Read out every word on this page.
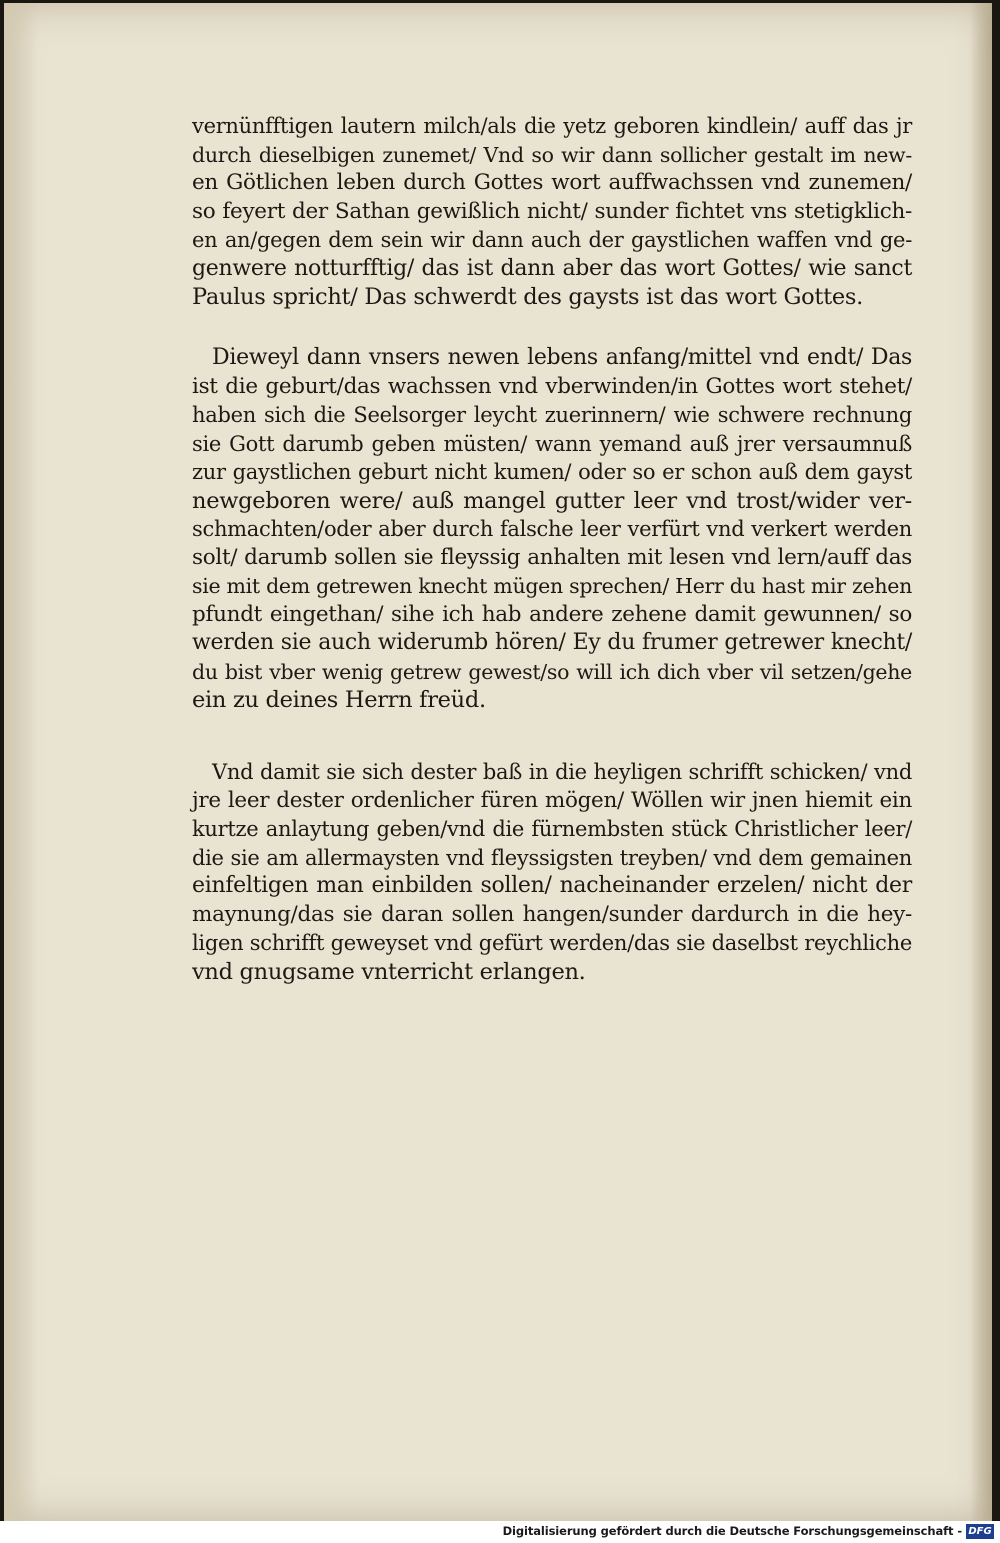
vernünfftigen lautern milch/als die yetz geboren kindlein/ auff das jr
durch dieselbigen zunemet/ Vnd so wir dann sollicher gestalt im new-
en Götlichen leben durch Gottes wort auffwachssen vnd zunemen/
so feyert der Sathan gewißlich nicht/ sunder fichtet vns stetigklich-
en an/gegen dem sein wir dann auch der gaystlichen waffen vnd ge-
genwere notturfftig/ das ist dann aber das wort Gottes/ wie sanct
Paulus spricht/ Das schwerdt des gaysts ist das wort Gottes.
Dieweyl dann vnsers newen lebens anfang/mittel vnd endt/ Das
ist die geburt/das wachssen vnd vberwinden/in Gottes wort stehet/
haben sich die Seelsorger leycht zuerinnern/ wie schwere rechnung
sie Gott darumb geben müsten/ wann yemand auß jrer versaumnuß
zur gaystlichen geburt nicht kumen/ oder so er schon auß dem gayst
newgeboren were/ auß mangel gutter leer vnd trost/wider ver-
schmachten/oder aber durch falsche leer verfürt vnd verkert werden
solt/ darumb sollen sie fleyssig anhalten mit lesen vnd lern/auff das
sie mit dem getrewen knecht mügen sprechen/ Herr du hast mir zehen
pfundt eingethan/ sihe ich hab andere zehene damit gewunnen/ so
werden sie auch widerumb hören/ Ey du frumer getrewer knecht/
du bist vber wenig getrew gewest/so will ich dich vber vil setzen/gehe
ein zu deines Herrn freüd.
Vnd damit sie sich dester baß in die heyligen schrifft schicken/ vnd
jre leer dester ordenlicher füren mögen/ Wöllen wir jnen hiemit ein
kurtze anlaytung geben/vnd die fürnembsten stück Christlicher leer/
die sie am allermaysten vnd fleyssigsten treyben/ vnd dem gemainen
einfeltigen man einbilden sollen/ nacheinander erzelen/ nicht der
maynung/das sie daran sollen hangen/sunder dardurch in die hey-
ligen schrifft geweyset vnd gefürt werden/das sie daselbst reychliche
vnd gnugsame vnterricht erlangen.
Digitalisierung gefördert durch die Deutsche Forschungsgemeinschaft - DFG
